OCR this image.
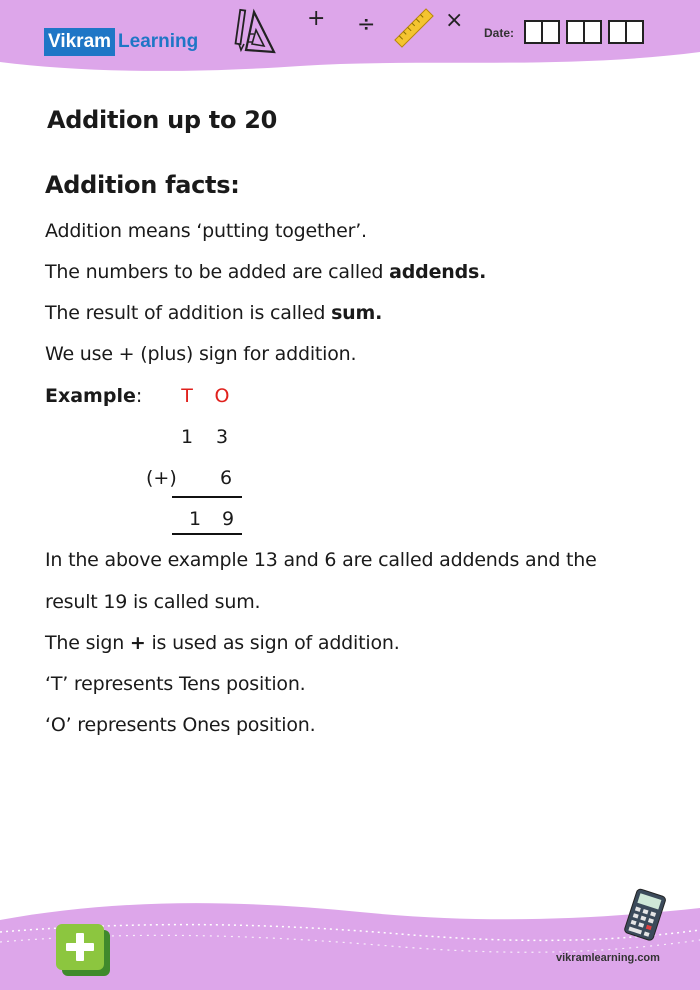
Vikram Learning
+ ÷	× Date:
Addition up to 20
Addition facts:
Addition means ‘putting together’.
The numbers to be added are called addends.
The result of addition is called sum.
We use + (plus) sign for addition.
Example: T O
1 3
(+) 6
1 9
In the above example 13 and 6 are called addends and the
result 19 is called sum.
The sign + is used as sign of addition.
‘T’ represents Tens position.
‘O’ represents Ones position.
vikramlearning.com
